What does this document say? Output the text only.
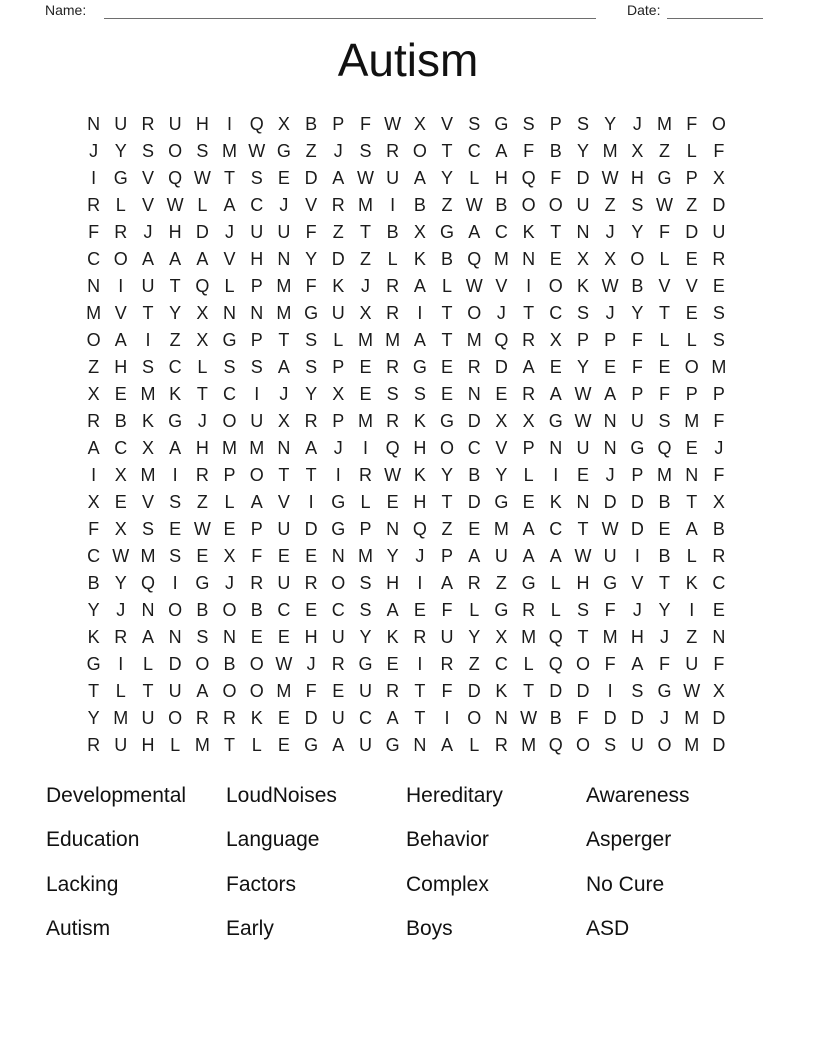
Name:	Date:
Autism
N U R U H	I Q X B P F W X V S G S P S Y J M F O
J Y S O S M W G Z J S R O T C A F B Y M X Z L F
I G V Q W T S E D A W U A Y L H Q F D W H G P X
R L V W L A C J V R M I	B Z W B O O U Z S W Z D
F R J H D J U U F Z T B X G A C K T N J Y F D U
C O A A A V H N Y D Z L K B Q M N E X X O L E R
N	I	U T Q L P M F K J R A L W V	I O K W B V V E
M V T Y X N N M G U X R	I	T O J T C S J Y T E S
O A	I	Z X G P T S L M M A T M Q R X P P F L L S
Z H S C L S S A S P E R G E R D A E Y E F E O M
X E M K T C	I	J Y X E S S E N E R A W A P F P P
R B K G J O U X R P M R K G D X X G W N U S M F
A C X A H M M N A J	I Q H O C V P N U N G Q E J
I	X M I	R P O T T	I	R W K Y B Y L	I	E J P M N F
X E V S Z L A V	I G L E H T D G E K N D D B T X
F X S E W E P U D G P N Q Z E M A C T W D E A B
C W M S E X F E E N M Y J P A U A A W U	I	B L R
B Y Q I G J R U R O S H	I	A R Z G L H G V T K C
Y J N O B O B C E C S A E F L G R L S F J Y	I	E
K R A N S N E E H U Y K R U Y X M Q T M H J Z N
G I	L D O B O W J R G E	I	R Z C L Q O F A F U F
T L T U A O O M F E U R T F D K T D D	I	S G W X
Y M U O R R K E D U C A T	I O N W B F D D J M D
R U H L M T L E G A U G N A L R M Q O S U O M D
Developmental	LoudNoises	Hereditary	Awareness
Education	Language	Behavior	Asperger
Lacking	Factors	Complex	No Cure
Autism	Early	Boys	ASD
